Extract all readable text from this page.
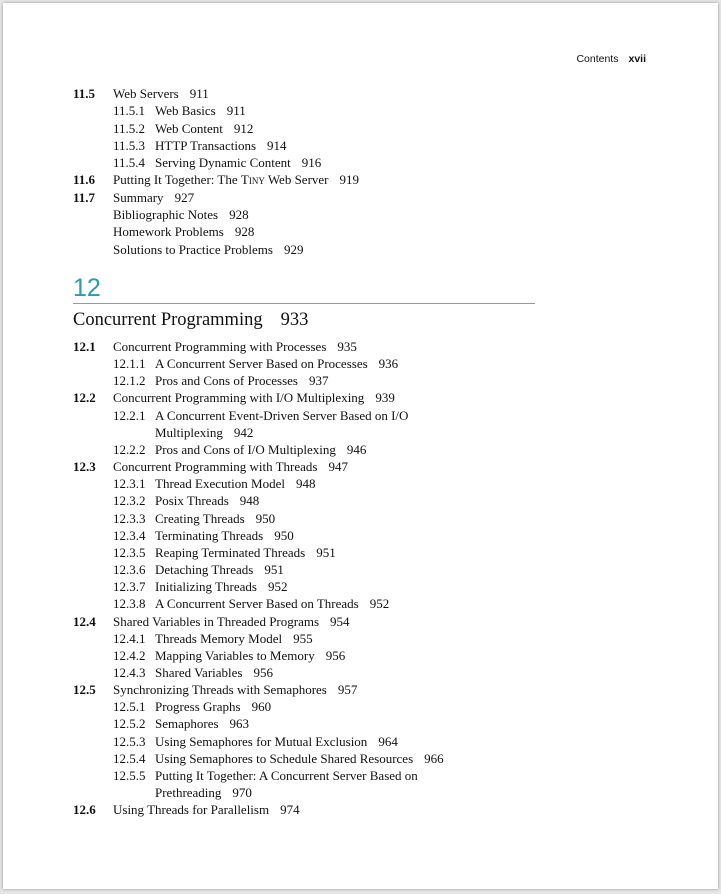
Contents xvii
11.5 Web Servers 911
11.5.1 Web Basics 911
11.5.2 Web Content 912
11.5.3 HTTP Transactions 914
11.5.4 Serving Dynamic Content 916
11.6 Putting It Together: The Tiny Web Server 919
11.7 Summary 927
Bibliographic Notes 928
Homework Problems 928
Solutions to Practice Problems 929
12
Concurrent Programming 933
12.1 Concurrent Programming with Processes 935
12.1.1 A Concurrent Server Based on Processes 936
12.1.2 Pros and Cons of Processes 937
12.2 Concurrent Programming with I/O Multiplexing 939
12.2.1 A Concurrent Event-Driven Server Based on I/O
Multiplexing 942
12.2.2 Pros and Cons of I/O Multiplexing 946
12.3 Concurrent Programming with Threads 947
12.3.1 Thread Execution Model 948
12.3.2 Posix Threads 948
12.3.3 Creating Threads 950
12.3.4 Terminating Threads 950
12.3.5 Reaping Terminated Threads 951
12.3.6 Detaching Threads 951
12.3.7 Initializing Threads 952
12.3.8 A Concurrent Server Based on Threads 952
12.4 Shared Variables in Threaded Programs 954
12.4.1 Threads Memory Model 955
12.4.2 Mapping Variables to Memory 956
12.4.3 Shared Variables 956
12.5 Synchronizing Threads with Semaphores 957
12.5.1 Progress Graphs 960
12.5.2 Semaphores 963
12.5.3 Using Semaphores for Mutual Exclusion 964
12.5.4 Using Semaphores to Schedule Shared Resources 966
12.5.5 Putting It Together: A Concurrent Server Based on
Prethreading 970
12.6 Using Threads for Parallelism 974
